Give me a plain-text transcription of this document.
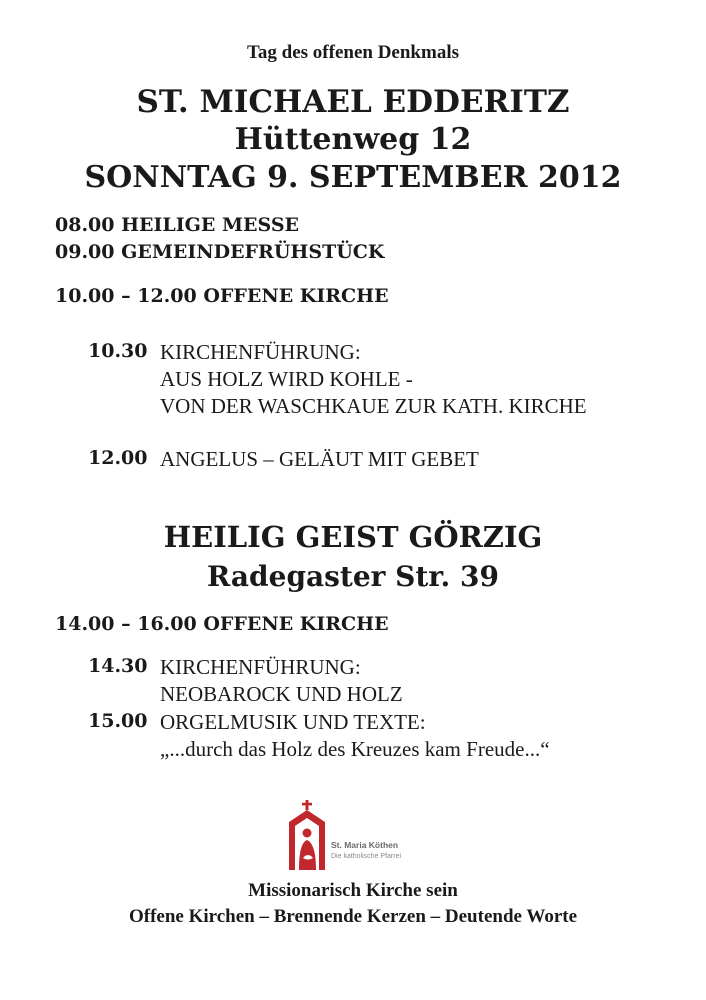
Tag des offenen Denkmals
ST. MICHAEL EDDERITZ
Hüttenweg 12
SONNTAG 9. SEPTEMBER 2012
08.00 HEILIGE MESSE
09.00 GEMEINDEFRÜHSTÜCK
10.00 – 12.00 OFFENE KIRCHE
10.30 KIRCHENFÜHRUNG:
AUS HOLZ WIRD KOHLE -
VON DER WASCHKAUE ZUR KATH. KIRCHE
12.00 ANGELUS – GELÄUT MIT GEBET
HEILIG GEIST GÖRZIG
Radegaster Str. 39
14.00 – 16.00 OFFENE KIRCHE
14.30 KIRCHENFÜHRUNG:
NEOBAROCK UND HOLZ
15.00 ORGELMUSIK UND TEXTE:
„...durch das Holz des Kreuzes kam Freude...“
St. Maria Köthen
Die katholische Pfarrei
Missionarisch Kirche sein
Offene Kirchen – Brennende Kerzen – Deutende Worte
